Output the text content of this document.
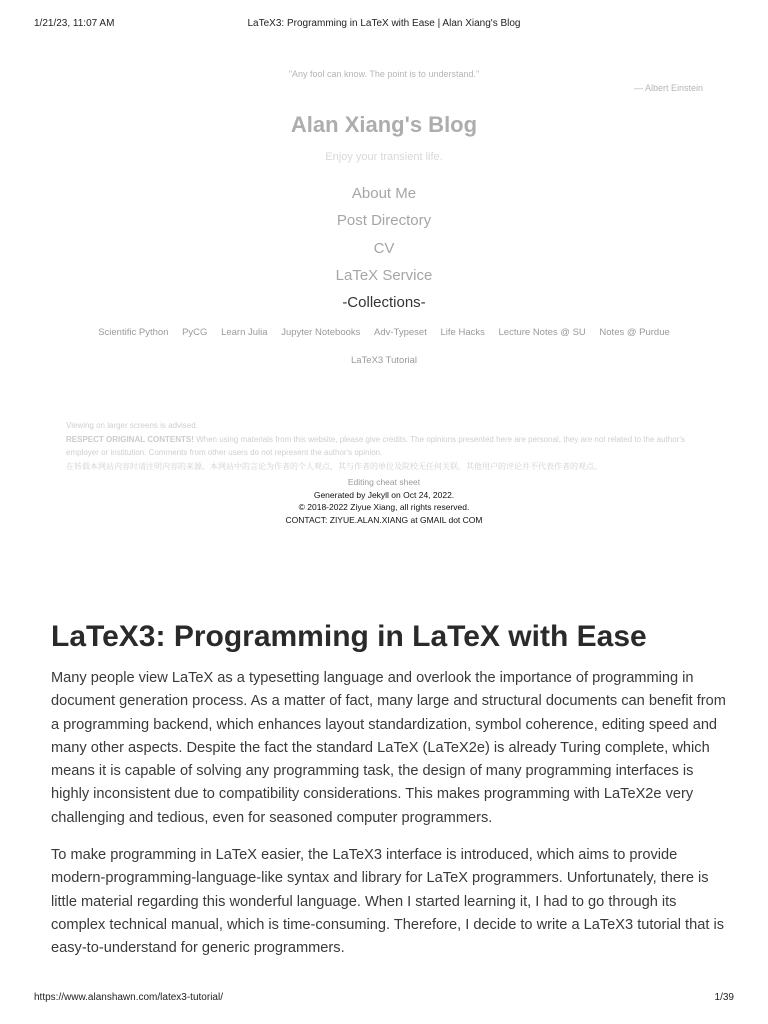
1/21/23, 11:07 AM	LaTeX3: Programming in LaTeX with Ease | Alan Xiang's Blog
"Any fool can know. The point is to understand."
— Albert Einstein
Alan Xiang's Blog
Enjoy your transient life.
About Me
Post Directory
CV
LaTeX Service
-Collections-
Scientific Python PyCG Learn Julia Jupyter Notebooks Adv-Typeset Life Hacks Lecture Notes @ SU Notes @ Purdue
LaTeX3 Tutorial
Viewing on larger screens is advised.
RESPECT ORIGINAL CONTENTS! When using materials from this website, please give credits. The opinions presented here are personal, they are not related to the author's employer or institution. Comments from other users do not represent the author's opinion.
在转载本网站内容时请注明内容的来源。本网站中的言论为作者的个人观点，其与作者的单位及院校无任何关联。其他用户的评论并不代表作者的观点。
Editing cheat sheet
Generated by Jekyll on Oct 24, 2022.
© 2018-2022 Ziyue Xiang, all rights reserved.
CONTACT: ZIYUE.ALAN.XIANG at GMAIL dot COM
LaTeX3: Programming in LaTeX with Ease

Many people view LaTeX as a typesetting language and overlook the importance of programming in document generation process. As a matter of fact, many large and structural documents can benefit from a programming backend, which enhances layout standardization, symbol coherence, editing speed and many other aspects. Despite the fact the standard LaTeX (LaTeX2e) is already Turing complete, which means it is capable of solving any programming task, the design of many programming interfaces is highly inconsistent due to compatibility considerations. This makes programming with LaTeX2e very challenging and tedious, even for seasoned computer programmers.

To make programming in LaTeX easier, the LaTeX3 interface is introduced, which aims to provide modern-programming-language-like syntax and library for LaTeX programmers. Unfortunately, there is little material regarding this wonderful language. When I started learning it, I had to go through its complex technical manual, which is time-consuming. Therefore, I decide to write a LaTeX3 tutorial that is easy-to-understand for generic programmers.

https://www.alanshawn.com/latex3-tutorial/	1/39
